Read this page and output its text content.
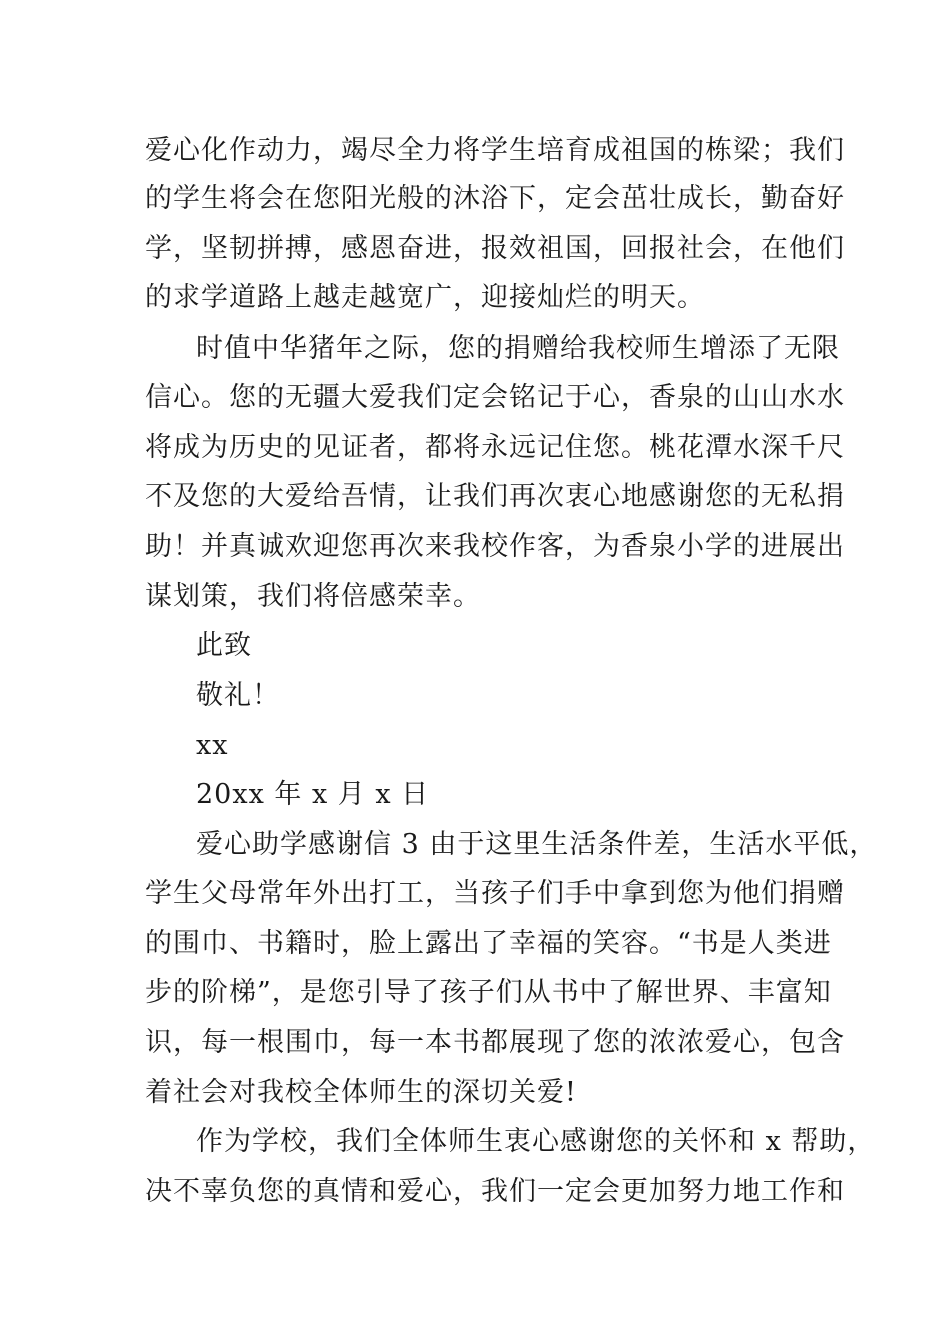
爱心化作动力，竭尽全力将学生培育成祖国的栋梁；我们
的学生将会在您阳光般的沐浴下，定会茁壮成长，勤奋好
学，坚韧拼搏，感恩奋进，报效祖国，回报社会，在他们
的求学道路上越走越宽广，迎接灿烂的明天。
时值中华猪年之际，您的捐赠给我校师生增添了无限
信心。您的无疆大爱我们定会铭记于心，香泉的山山水水
将成为历史的见证者，都将永远记住您。桃花潭水深千尺
不及您的大爱给吾情，让我们再次衷心地感谢您的无私捐
助！并真诚欢迎您再次来我校作客，为香泉小学的进展出
谋划策，我们将倍感荣幸。
此致
敬礼！
xx
20xx 年 x 月 x 日
爱心助学感谢信 3 由于这里生活条件差，生活水平低，
学生父母常年外出打工，当孩子们手中拿到您为他们捐赠
的围巾、书籍时，脸上露出了幸福的笑容。“书是人类进
步的阶梯”，是您引导了孩子们从书中了解世界、丰富知
识，每一根围巾，每一本书都展现了您的浓浓爱心，包含
着社会对我校全体师生的深切关爱!
作为学校，我们全体师生衷心感谢您的关怀和 x 帮助，
决不辜负您的真情和爱心，我们一定会更加努力地工作和
